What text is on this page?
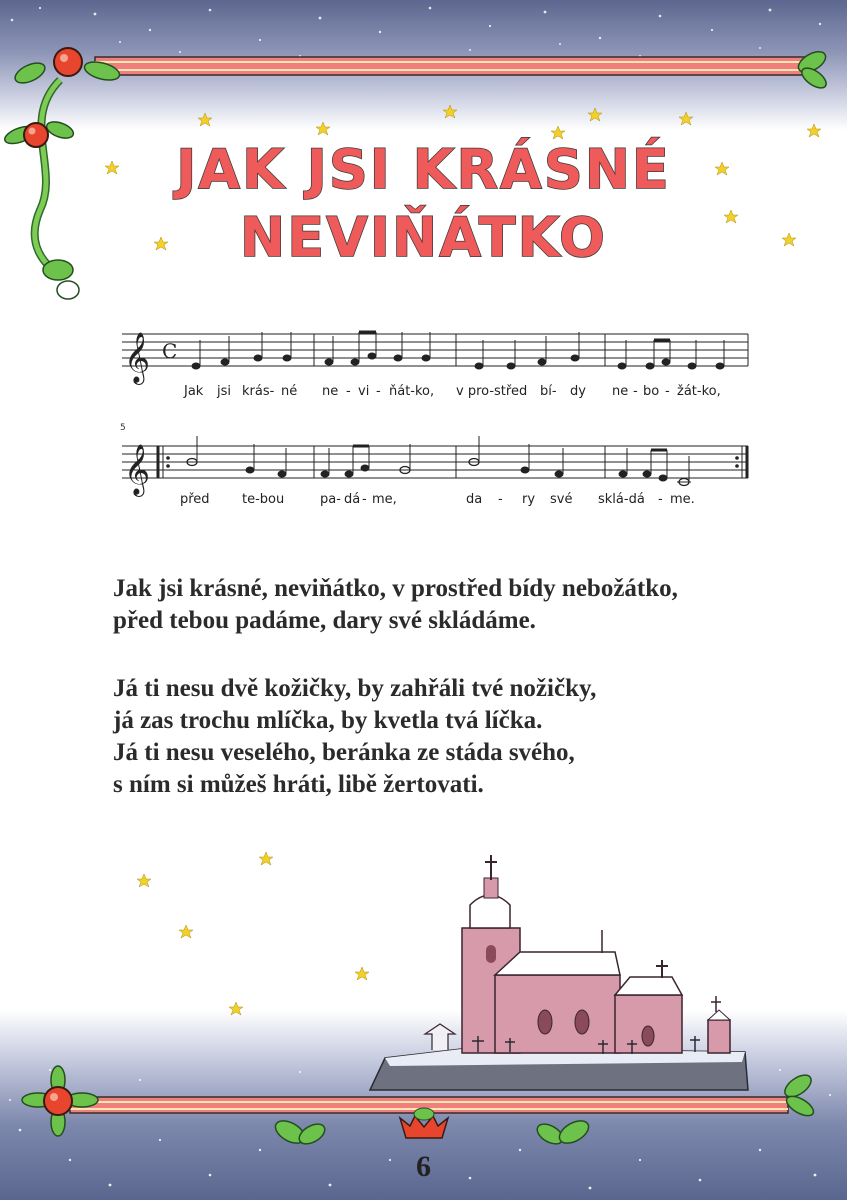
𝄞 C
𝄞
JAK JSI KRÁSNÉ
NEVIŇÁTKO
Jak jsi krás- né ne - vi - ňát-ko, v pro-střed bí- dy ne - bo - žát-ko,
5
před te-bou	pa- dá - me,	da - ry své sklá-dá - me.
Jak jsi krásné, neviňátko, v prostřed bídy nebožátko,
před tebou padáme, dary své skládáme.
Já ti nesu dvě kožičky, by zahřáli tvé nožičky,
já zas trochu mlíčka, by kvetla tvá líčka.
Já ti nesu veselého, beránka ze stáda svého,
s ním si můžeš hráti, libě žertovati.
6
